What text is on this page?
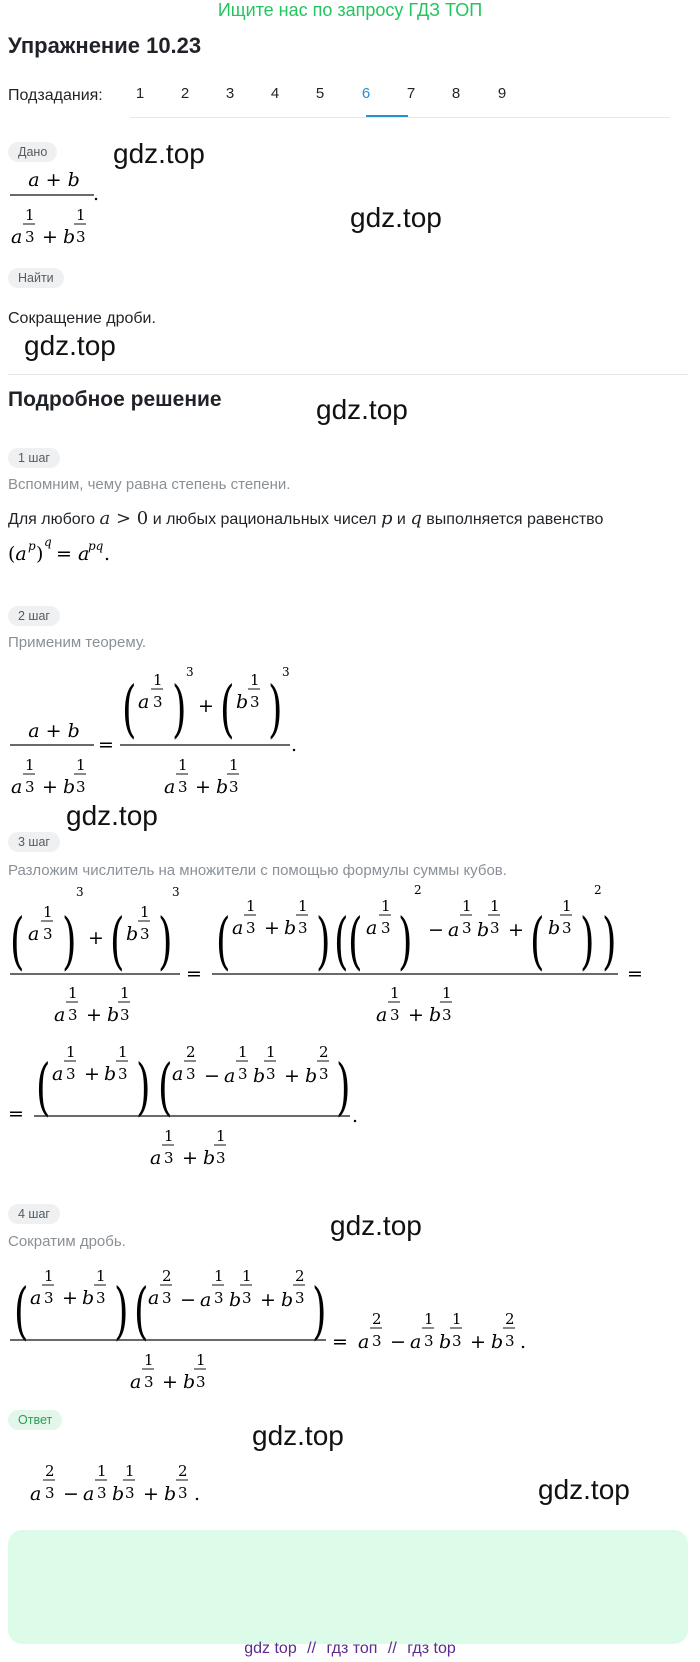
Ищите нас по запросу ГДЗ ТОП
Упражнение 10.23
Подзадания:	1	2	3	4	5	6	7	8	9
Дано
a + b
a
1
3 + b
1
3
.
gdz.top
gdz.top
gdz.top
gdz.top
gdz.top
gdz.top
gdz.top
gdz.top
Найти
Сокращение дроби.
Подробное решение
1 шаг
Вспомним, чему равна степень степени.
Для любого a > 0 и любых рациональных чисел p и q выполняется равенство
(a p )
q
= a
pq .
2 шаг
Применим теорему.
a + b
a
1
3 + b
1
3
= ( a
1
3 )
3
+ ( b
1
3 )
3
a
1
3 + b
1
3
.
3 шаг
Разложим числитель на множители с помощью формулы суммы кубов.
( a
1
3 )
3
+ ( b
1
3 )
3
a
1
3 + b
1
3
= ( a
1
3 + b
1
3 ) ( ( a
1
3 )
2
− a
1
3 b
1
3 + ( b
1
3 )
2
)
a
1
3 + b
1
3
=
= ( a
1
3 + b
1
3 ) ( a
2
3 − a
1
3 b
1
3 + b
2
3 )
a
1
3 + b
1
3
.
4 шаг
Сократим дробь.
( a
1
3 + b
1
3 ) ( a
2
3 − a
1
3 b
1
3 + b
2
3 )
a
1
3 + b
1
3
= a
2
3 − a
1
3 b
1
3 + b
2
3 .
Ответ
a
2
3 − a
1
3 b
1
3 + b
2
3 .
gdz top // гдз топ // гдз top
